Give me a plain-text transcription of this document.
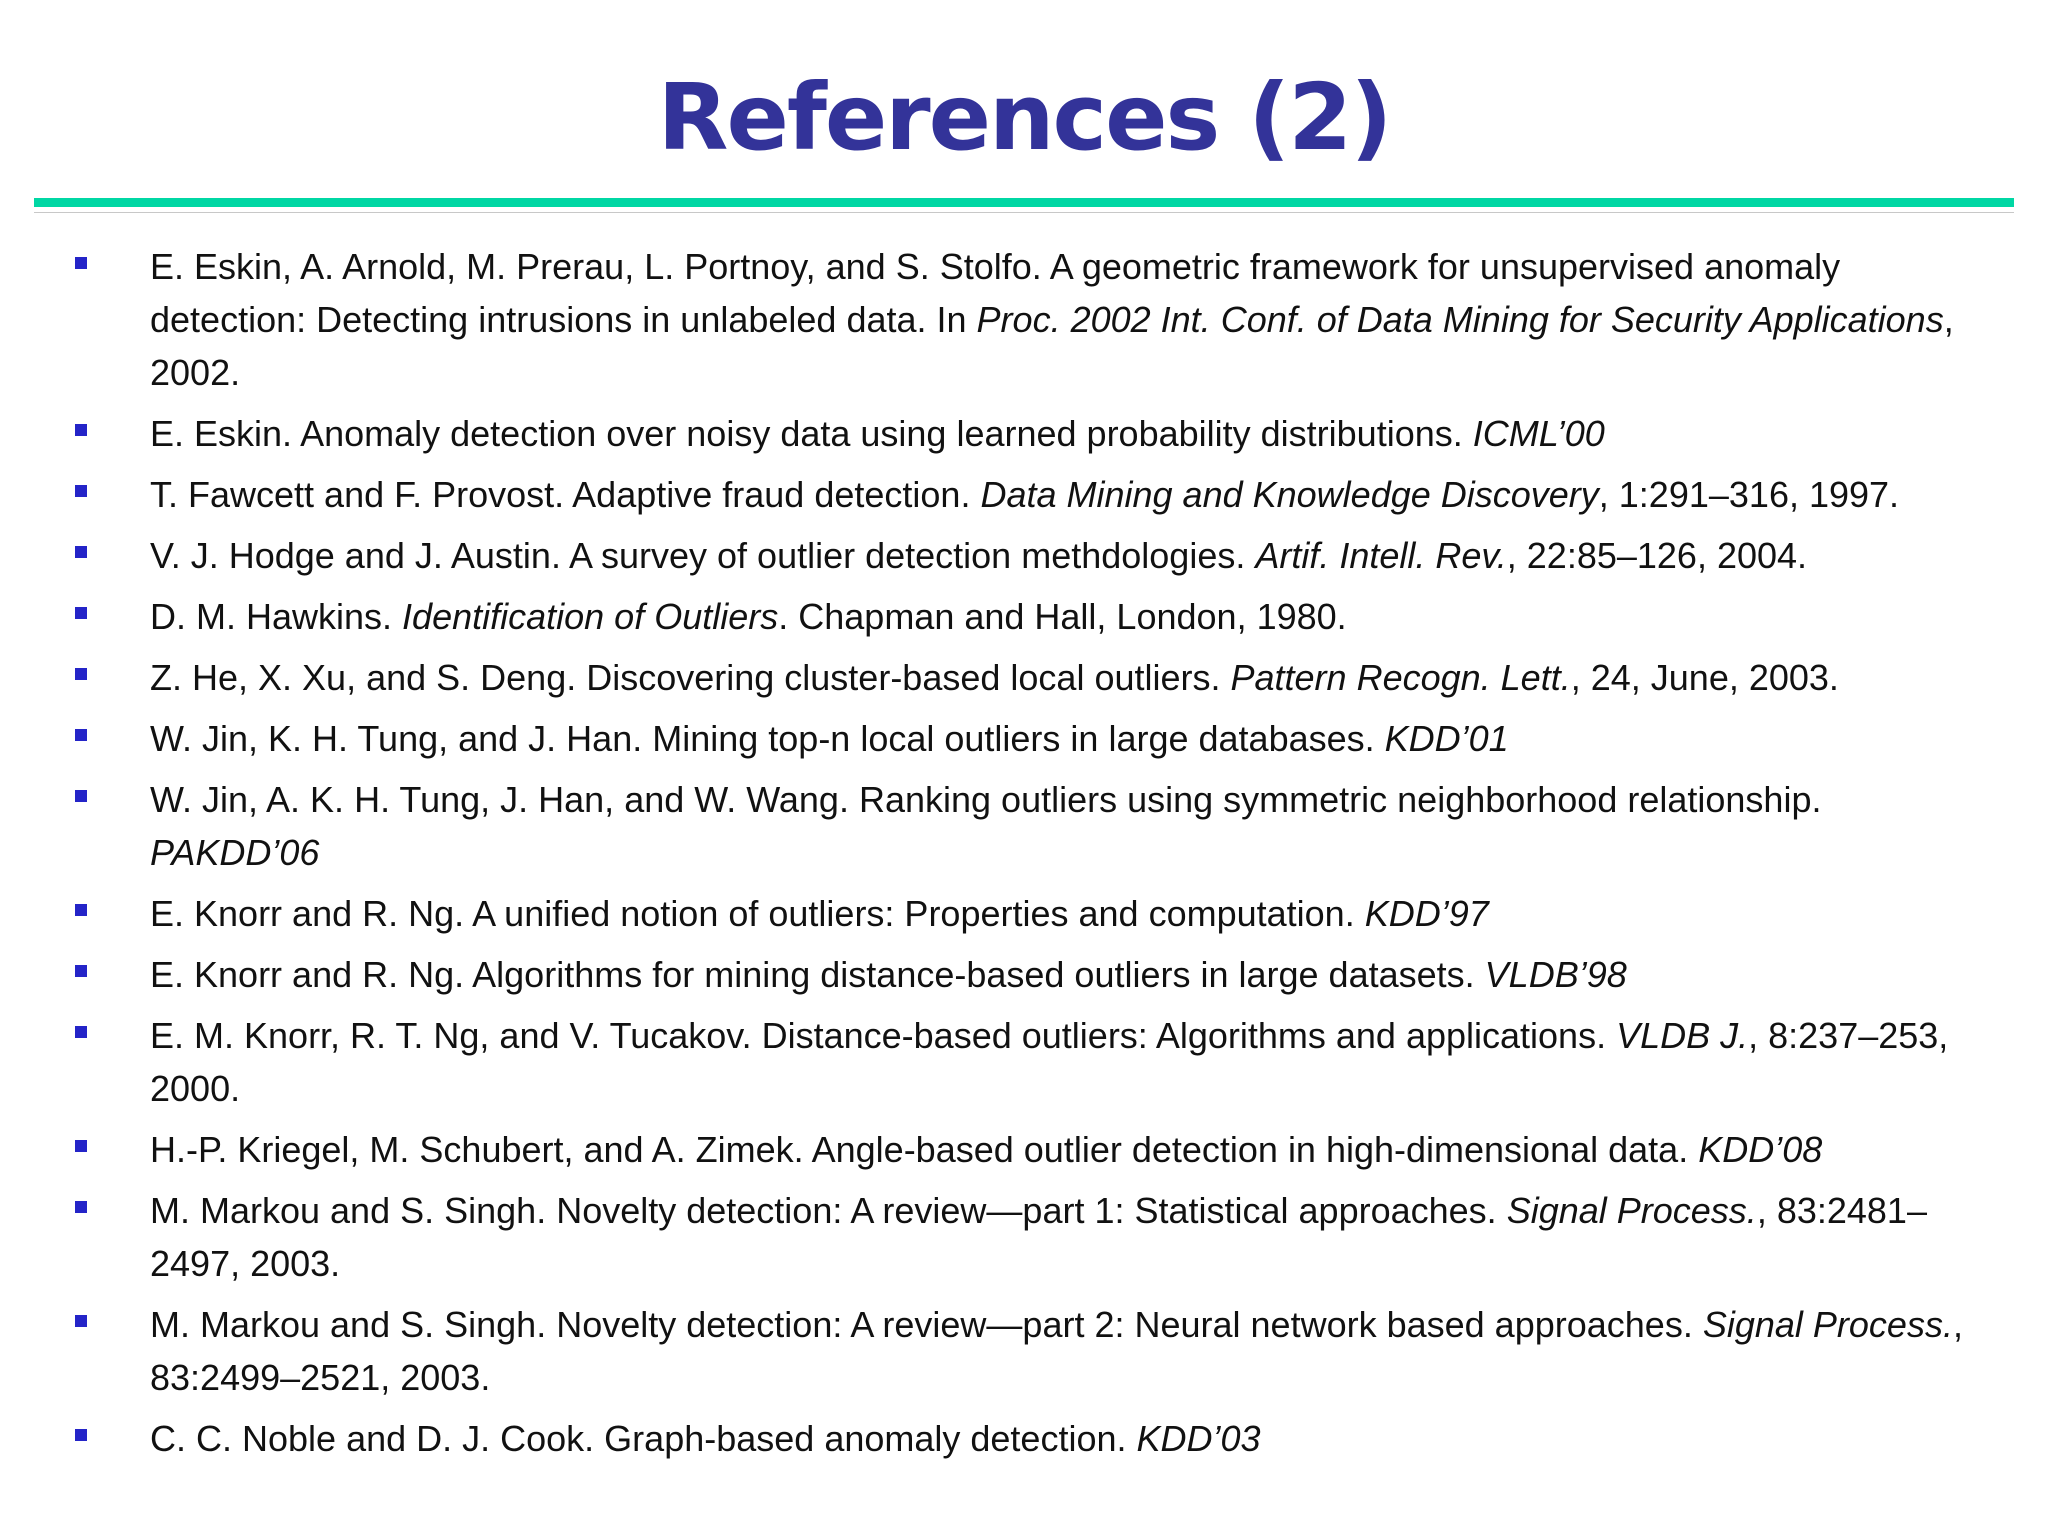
References (2)
E. Eskin, A. Arnold, M. Prerau, L. Portnoy, and S. Stolfo. A geometric framework for unsupervised anomaly detection: Detecting intrusions in unlabeled data. In Proc. 2002 Int. Conf. of Data Mining for Security Applications, 2002.
E. Eskin. Anomaly detection over noisy data using learned probability distributions. ICML’00
T. Fawcett and F. Provost. Adaptive fraud detection. Data Mining and Knowledge Discovery, 1:291–316, 1997.
V. J. Hodge and J. Austin. A survey of outlier detection methdologies. Artif. Intell. Rev., 22:85–126, 2004.
D. M. Hawkins. Identification of Outliers. Chapman and Hall, London, 1980.
Z. He, X. Xu, and S. Deng. Discovering cluster-based local outliers. Pattern Recogn. Lett., 24, June, 2003.
W. Jin, K. H. Tung, and J. Han. Mining top-n local outliers in large databases. KDD’01
W. Jin, A. K. H. Tung, J. Han, and W. Wang. Ranking outliers using symmetric neighborhood relationship. PAKDD’06
E. Knorr and R. Ng. A unified notion of outliers: Properties and computation. KDD’97
E. Knorr and R. Ng. Algorithms for mining distance-based outliers in large datasets. VLDB’98
E. M. Knorr, R. T. Ng, and V. Tucakov. Distance-based outliers: Algorithms and applications. VLDB J., 8:237–253, 2000.
H.-P. Kriegel, M. Schubert, and A. Zimek. Angle-based outlier detection in high-dimensional data. KDD’08
M. Markou and S. Singh. Novelty detection: A review—part 1: Statistical approaches. Signal Process., 83:2481–2497, 2003.
M. Markou and S. Singh. Novelty detection: A review—part 2: Neural network based approaches. Signal Process., 83:2499–2521, 2003.
C. C. Noble and D. J. Cook. Graph-based anomaly detection. KDD’03
